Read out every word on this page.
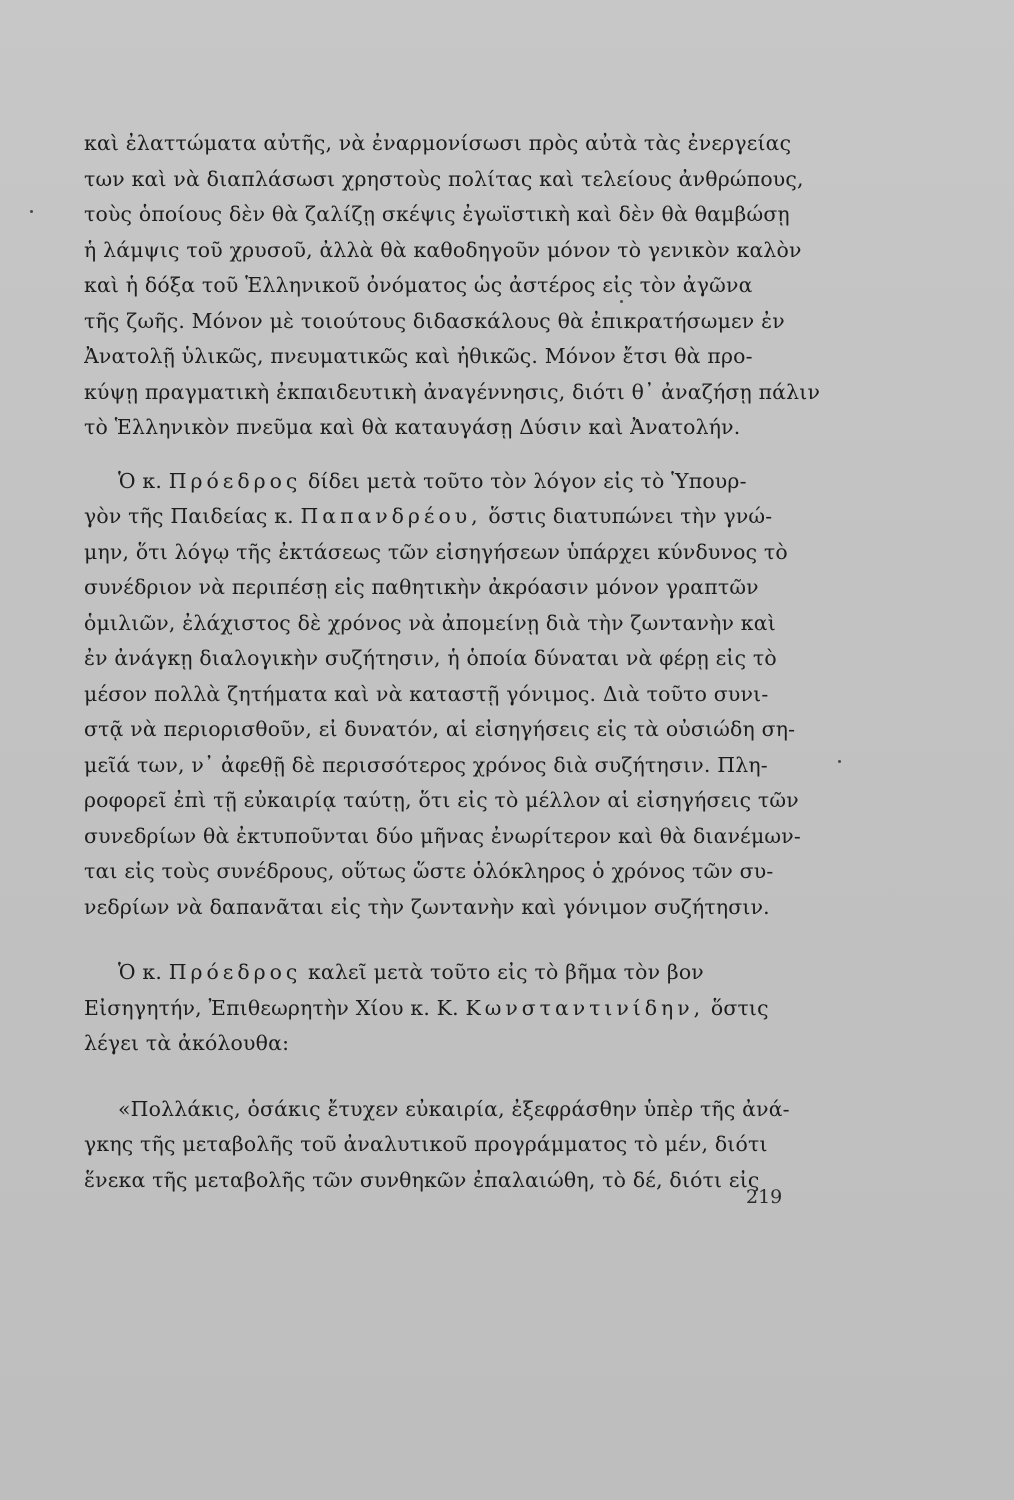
καὶ ἐλαττώματα αὐτῆς, νὰ ἐναρμονίσωσι πρὸς αὐτὰ τὰς ἐνεργείας
των καὶ νὰ διαπλάσωσι χρηστοὺς πολίτας καὶ τελείους ἀνθρώπους,
τοὺς ὁποίους δὲν θὰ ζαλίζῃ σκέψις ἐγωϊστικὴ καὶ δὲν θὰ θαμβώσῃ
ἡ λάμψις τοῦ χρυσοῦ, ἀλλὰ θὰ καθοδηγοῦν μόνον τὸ γενικὸν καλὸν
καὶ ἡ δόξα τοῦ Ἑλληνικοῦ ὀνόματος ὡς ἀστέρος εἰς τὸν ἀγῶνα
τῆς ζωῆς. Μόνον μὲ τοιούτους διδασκάλους θὰ ἐπικρατήσωμεν ἐν
Ἀνατολῇ ὑλικῶς, πνευματικῶς καὶ ἠθικῶς. Μόνον ἔτσι θὰ προ-
κύψῃ πραγματικὴ ἐκπαιδευτικὴ ἀναγέννησις, διότι θ᾽ ἀναζήσῃ πάλιν
τὸ Ἑλληνικὸν πνεῦμα καὶ θὰ καταυγάσῃ Δύσιν καὶ Ἀνατολήν.
Ὁ κ. Πρόεδρος δίδει μετὰ τοῦτο τὸν λόγον εἰς τὸ Ὑπουρ-
γὸν τῆς Παιδείας κ. Παπανδρέου, ὅστις διατυπώνει τὴν γνώ-
μην, ὅτι λόγῳ τῆς ἐκτάσεως τῶν εἰσηγήσεων ὑπάρχει κύνδυνος τὸ
συνέδριον νὰ περιπέσῃ εἰς παθητικὴν ἀκρόασιν μόνον γραπτῶν
ὁμιλιῶν, ἐλάχιστος δὲ χρόνος νὰ ἀπομείνῃ διὰ τὴν ζωντανὴν καὶ
ἐν ἀνάγκῃ διαλογικὴν συζήτησιν, ἡ ὁποία δύναται νὰ φέρῃ εἰς τὸ
μέσον πολλὰ ζητήματα καὶ νὰ καταστῇ γόνιμος. Διὰ τοῦτο συνι-
στᾷ νὰ περιορισθοῦν, εἰ δυνατόν, αἱ εἰσηγήσεις εἰς τὰ οὐσιώδη ση-
μεῖά των, ν᾽ ἀφεθῇ δὲ περισσότερος χρόνος διὰ συζήτησιν. Πλη-
ροφορεῖ ἐπὶ τῇ εὐκαιρίᾳ ταύτῃ, ὅτι εἰς τὸ μέλλον αἱ εἰσηγήσεις τῶν
συνεδρίων θὰ ἐκτυποῦνται δύο μῆνας ἐνωρίτερον καὶ θὰ διανέμων-
ται εἰς τοὺς συνέδρους, οὕτως ὥστε ὁλόκληρος ὁ χρόνος τῶν συ-
νεδρίων νὰ δαπανᾶται εἰς τὴν ζωντανὴν καὶ γόνιμον συζήτησιν.
Ὁ κ. Πρόεδρος καλεῖ μετὰ τοῦτο εἰς τὸ βῆμα τὸν βον
Εἰσηγητήν, Ἐπιθεωρητὴν Χίου κ. Κ. Κωνσταντινίδην, ὅστις
λέγει τὰ ἀκόλουθα:
«Πολλάκις, ὁσάκις ἔτυχεν εὐκαιρία, ἐξεφράσθην ὑπὲρ τῆς ἀνά-
γκης τῆς μεταβολῆς τοῦ ἀναλυτικοῦ προγράμματος τὸ μέν, διότι
ἕνεκα τῆς μεταβολῆς τῶν συνθηκῶν ἐπαλαιώθη, τὸ δέ, διότι εἰς
219
